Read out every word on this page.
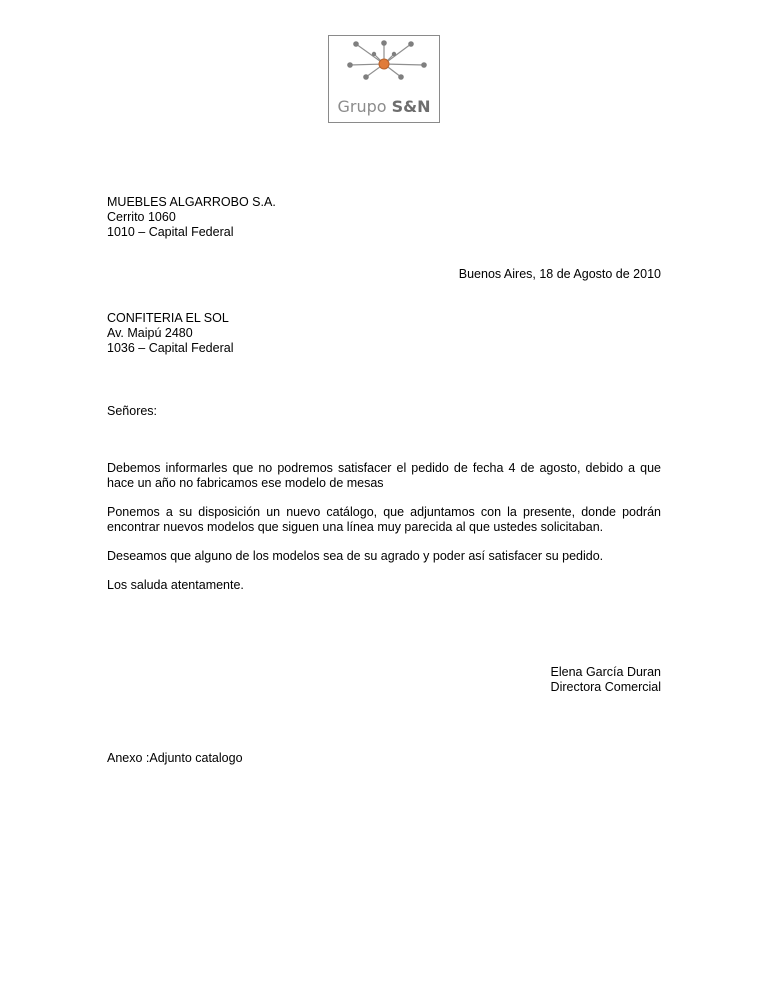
Grupo S&N
MUEBLES ALGARROBO S.A.
Cerrito 1060
1010 – Capital Federal
Buenos Aires, 18 de Agosto de 2010
CONFITERIA EL SOL
Av. Maipú 2480
1036 – Capital Federal
Señores:
Debemos informarles que no podremos satisfacer el pedido de fecha 4 de agosto, debido a que hace un año no fabricamos ese modelo de mesas
Ponemos a su disposición un nuevo catálogo, que adjuntamos con la presente, donde podrán encontrar nuevos modelos que siguen una línea muy parecida al que ustedes solicitaban.
Deseamos que alguno de los modelos sea de su agrado y poder así satisfacer su pedido.
Los saluda atentamente.
Elena García Duran
Directora Comercial
Anexo :Adjunto catalogo
